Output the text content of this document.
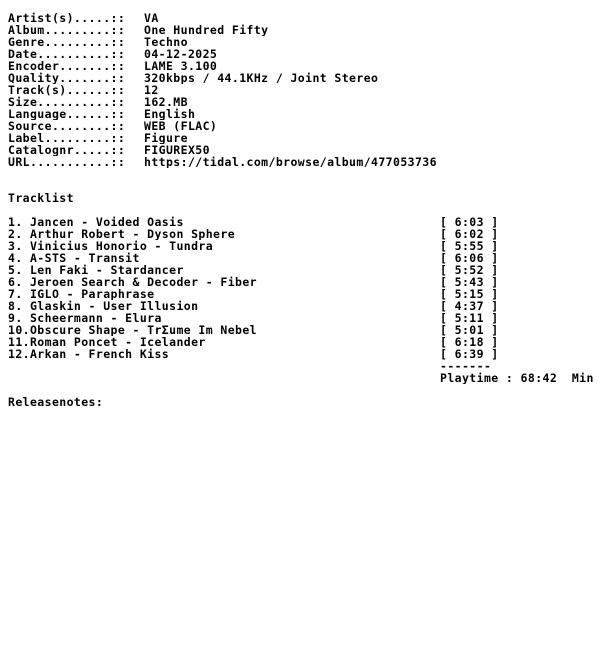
Artist(s).....:: VA
Album.........:: One Hundred Fifty
Genre.........:: Techno
Date..........:: 04-12-2025
Encoder.......:: LAME 3.100
Quality.......:: 320kbps / 44.1KHz / Joint Stereo
Track(s)......:: 12
Size..........:: 162.MB
Language......:: English
Source........:: WEB (FLAC)
Label.........:: Figure
Catalognr.....:: FIGUREX50
URL...........:: https://tidal.com/browse/album/477053736
Tracklist
1. Jancen - Voided Oasis	[ 6:03 ]
2. Arthur Robert - Dyson Sphere	[ 6:02 ]
3. Vinicius Honorio - Tundra	[ 5:55 ]
4. A-STS - Transit	[ 6:06 ]
5. Len Faki - Stardancer	[ 5:52 ]
6. Jeroen Search & Decoder - Fiber	[ 5:43 ]
7. IGLO - Paraphrase	[ 5:15 ]
8. Glaskin - User Illusion	[ 4:37 ]
9. Scheermann - Elura	[ 5:11 ]
10.Obscure Shape - TrΣume Im Nebel	[ 5:01 ]
11.Roman Poncet - Icelander	[ 6:18 ]
12.Arkan - French Kiss	[ 6:39 ]
-------
Playtime : 68:42  Min
Releasenotes:
